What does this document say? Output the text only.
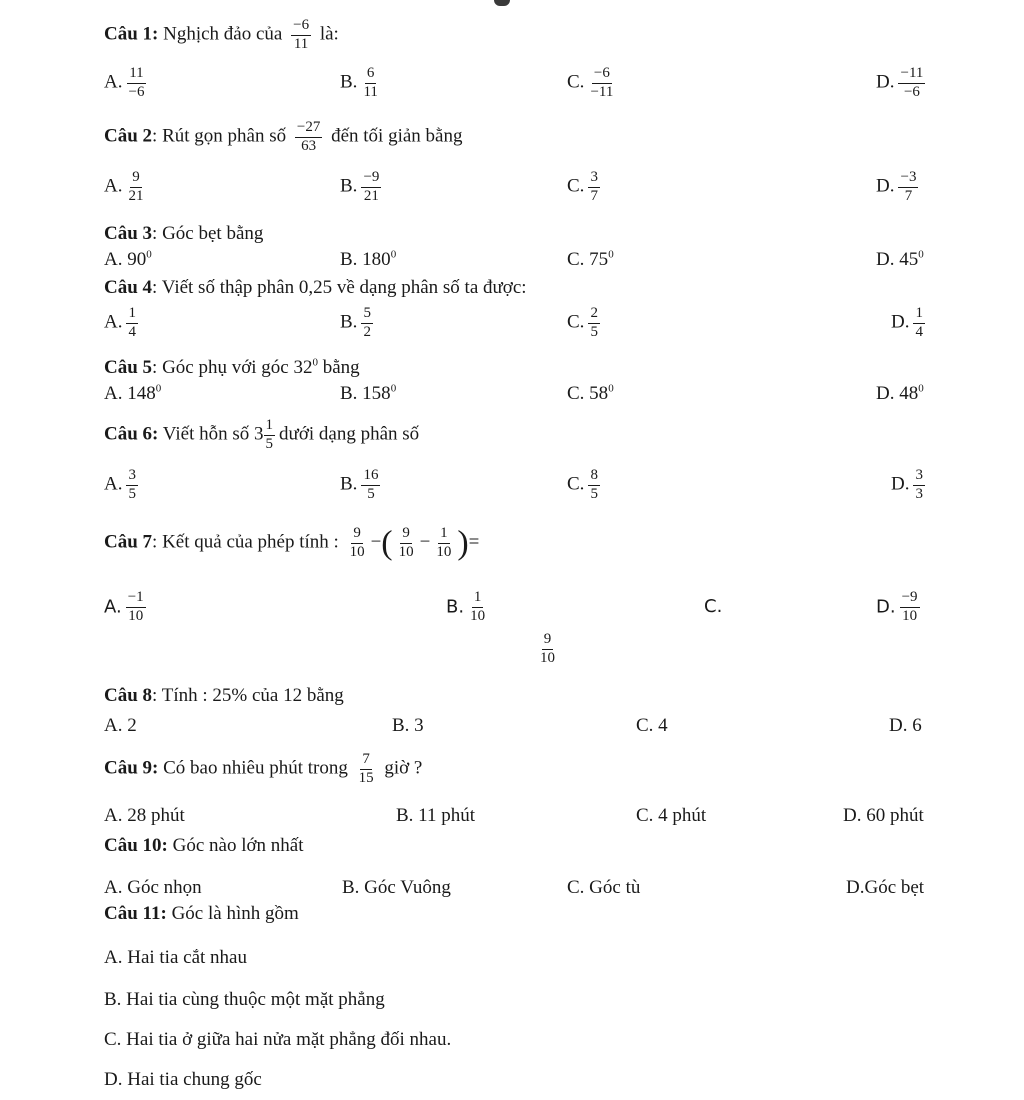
Câu 1: Nghịch đảo của $\frac{-6}{11}$ là:
A. $\frac{11}{-6}$	B. $\frac{6}{11}$	C. $\frac{-6}{-11}$	D. $\frac{-11}{-6}$
Câu 2: Rút gọn phân số $\frac{-27}{63}$ đến tối giản bằng
A. $\frac{9}{21}$	B. $\frac{-9}{21}$	C. $\frac{3}{7}$	D. $\frac{-3}{7}$
Câu 3: Góc bẹt bằng
A. $90^0$	B. $180^0$	C. $75^0$	D. $45^0$
Câu 4: Viết số thập phân 0,25 về dạng phân số ta được:
A. $\frac{1}{4}$	B. $\frac{5}{2}$	C. $\frac{2}{5}$	D. $\frac{1}{4}$
Câu 5: Góc phụ với góc $32^0$ bằng
A. $148^0$	B. $158^0$	C. $58^0$	D. $48^0$
Câu 6: Viết hỗn số $3 \frac{1}{5}$ dưới dạng phân số
A. $\frac{3}{5}$	B. $\frac{16}{5}$	C. $\frac{8}{5}$	D. $\frac{3}{3}$
Câu 7: Kết quả của phép tính : $\frac{9}{10}$ −( $\frac{9}{10} - \frac{1}{10}$ )=
A. $\frac{-1}{10}$	B. $\frac{1}{10}$	C.
$\frac{9}{10}$
D. $\frac{-9}{10}$
Câu 8: Tính : 25% của 12 bằng
A. 2	B. 3	C. 4	D. 6
Câu 9: Có bao nhiêu phút trong $\frac{7}{15}$ giờ ?
A. 28 phút	B. 11 phút	C. 4 phút	D. 60 phút
Câu 10: Góc nào lớn nhất
A. Góc nhọn	B. Góc Vuông	C. Góc tù	D.Góc bẹt
Câu 11: Góc là hình gồm
A. Hai tia cắt nhau
B. Hai tia cùng thuộc một mặt phẳng
C. Hai tia ở giữa hai nửa mặt phẳng đối nhau.
D. Hai tia chung gốc
